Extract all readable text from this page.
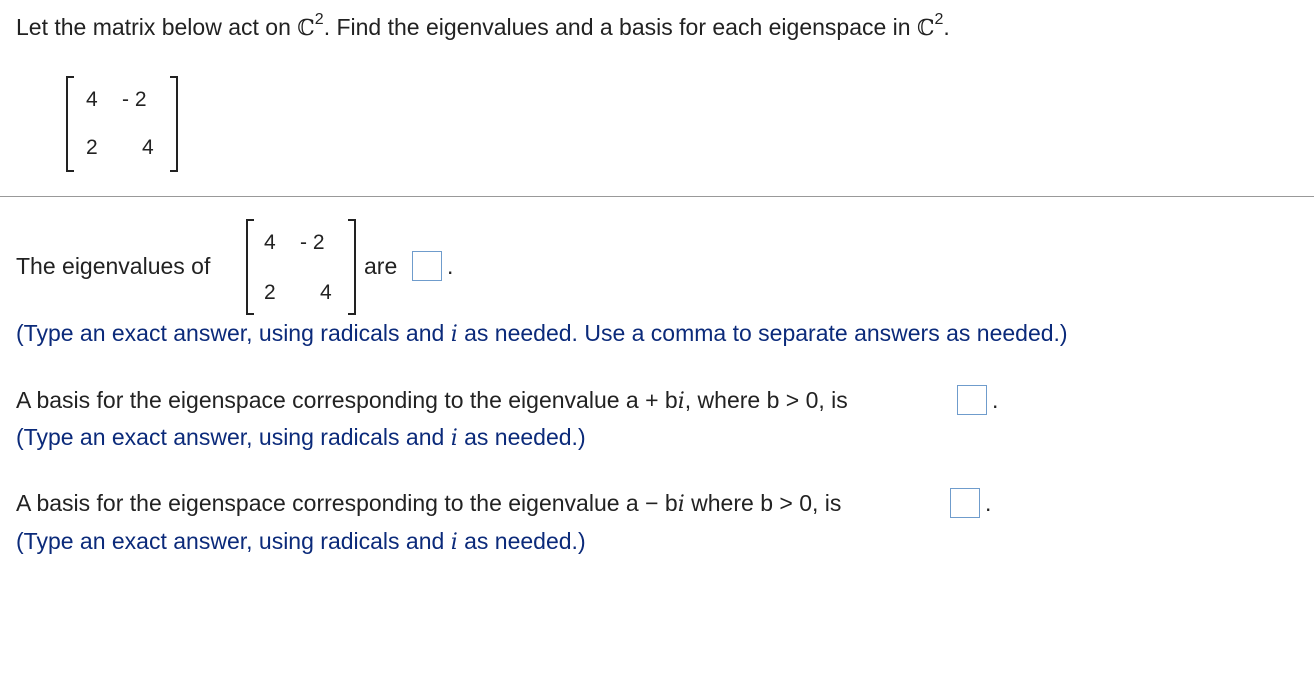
Let the matrix below act on ℂ$^2$. Find the eigenvalues and a basis for each eigenspace in ℂ$^2$.
4 - 2
2 4
The eigenvalues of
4 - 2
2 4
are .
(Type an exact answer, using radicals and i as needed. Use a comma to separate answers as needed.)
A basis for the eigenspace corresponding to the eigenvalue a + bi, where b > 0, is	.
(Type an exact answer, using radicals and i as needed.)
A basis for the eigenspace corresponding to the eigenvalue a − bi where b > 0, is	.
(Type an exact answer, using radicals and i as needed.)
